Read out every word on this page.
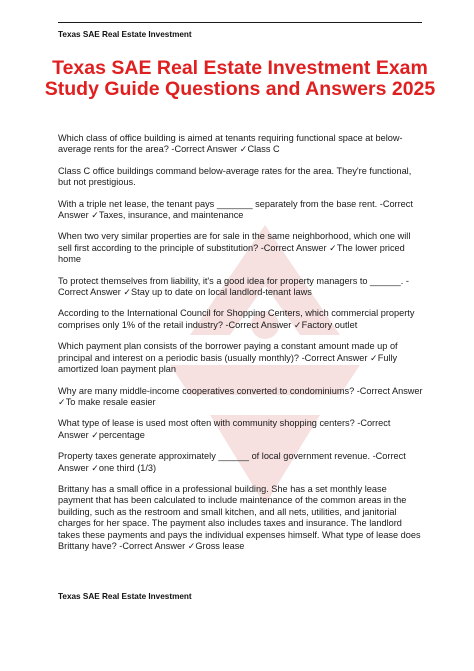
Texas SAE Real Estate Investment
Texas SAE Real Estate Investment Exam Study Guide Questions and Answers 2025

Which class of office building is aimed at tenants requiring functional space at below-average rents for the area? -Correct Answer ✓Class C

Class C office buildings command below-average rates for the area. They're functional, but not prestigious.

With a triple net lease, the tenant pays _______ separately from the base rent. -Correct Answer ✓Taxes, insurance, and maintenance

When two very similar properties are for sale in the same neighborhood, which one will sell first according to the principle of substitution? -Correct Answer ✓The lower priced home

To protect themselves from liability, it's a good idea for property managers to ______. -Correct Answer ✓Stay up to date on local landlord-tenant laws

According to the International Council for Shopping Centers, which commercial property comprises only 1% of the retail industry? -Correct Answer ✓Factory outlet

Which payment plan consists of the borrower paying a constant amount made up of principal and interest on a periodic basis (usually monthly)? -Correct Answer ✓Fully amortized loan payment plan

Why are many middle-income cooperatives converted to condominiums? -Correct Answer ✓To make resale easier

What type of lease is used most often with community shopping centers? -Correct Answer ✓percentage

Property taxes generate approximately ______ of local government revenue. -Correct Answer ✓one third (1/3)

Brittany has a small office in a professional building. She has a set monthly lease payment that has been calculated to include maintenance of the common areas in the building, such as the restroom and small kitchen, and all nets, utilities, and janitorial charges for her space. The payment also includes taxes and insurance. The landlord takes these payments and pays the individual expenses himself. What type of lease does Brittany have? -Correct Answer ✓Gross lease

Texas SAE Real Estate Investment
